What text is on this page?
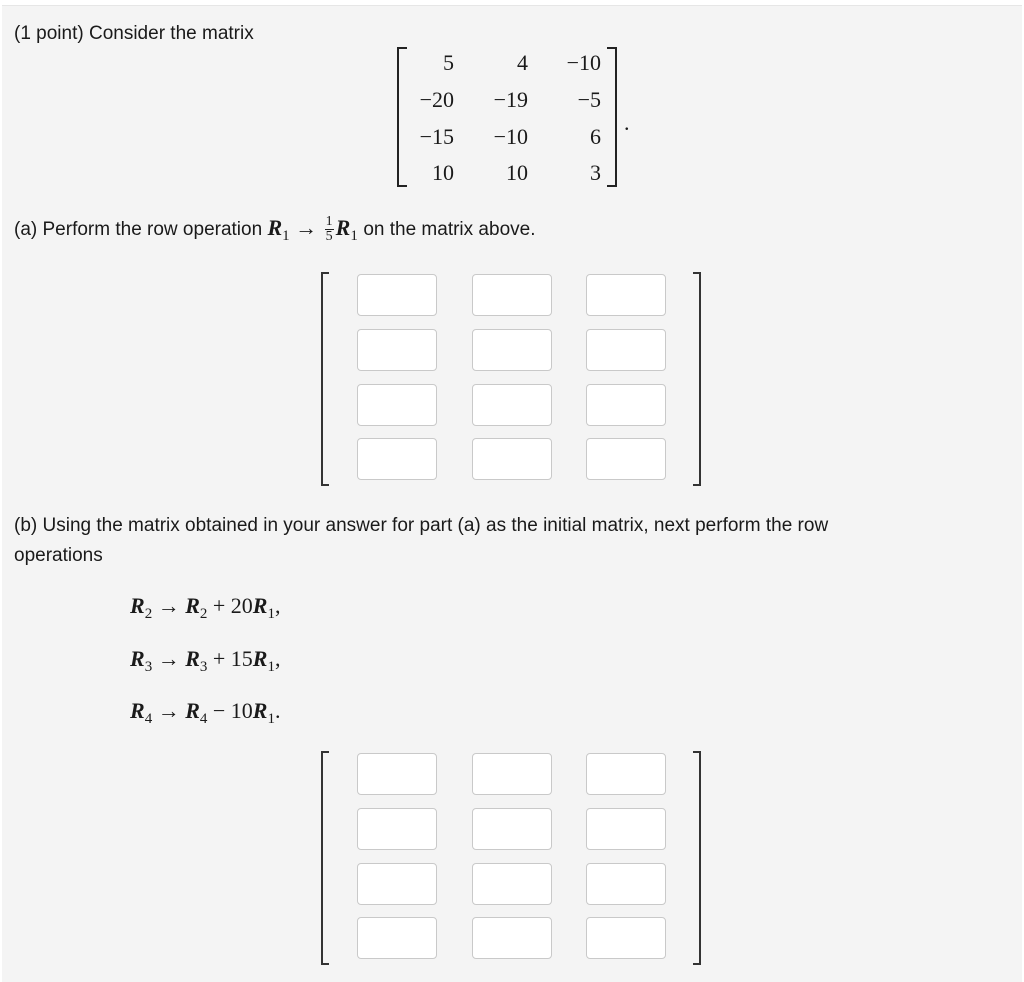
(1 point) Consider the matrix
5	4	−10
−20	−19	−5
−15	−10	6
10	10	3
.
(a) Perform the row operation $R_1 \to \frac{1}{5} R_1$ on the matrix above.
(b) Using the matrix obtained in your answer for part (a) as the initial matrix, next perform the row
operations
$R_2 \to R_2 + 20R_1$,
$R_3 \to R_3 + 15R_1$,
$R_4 \to R_4 - 10R_1$.
